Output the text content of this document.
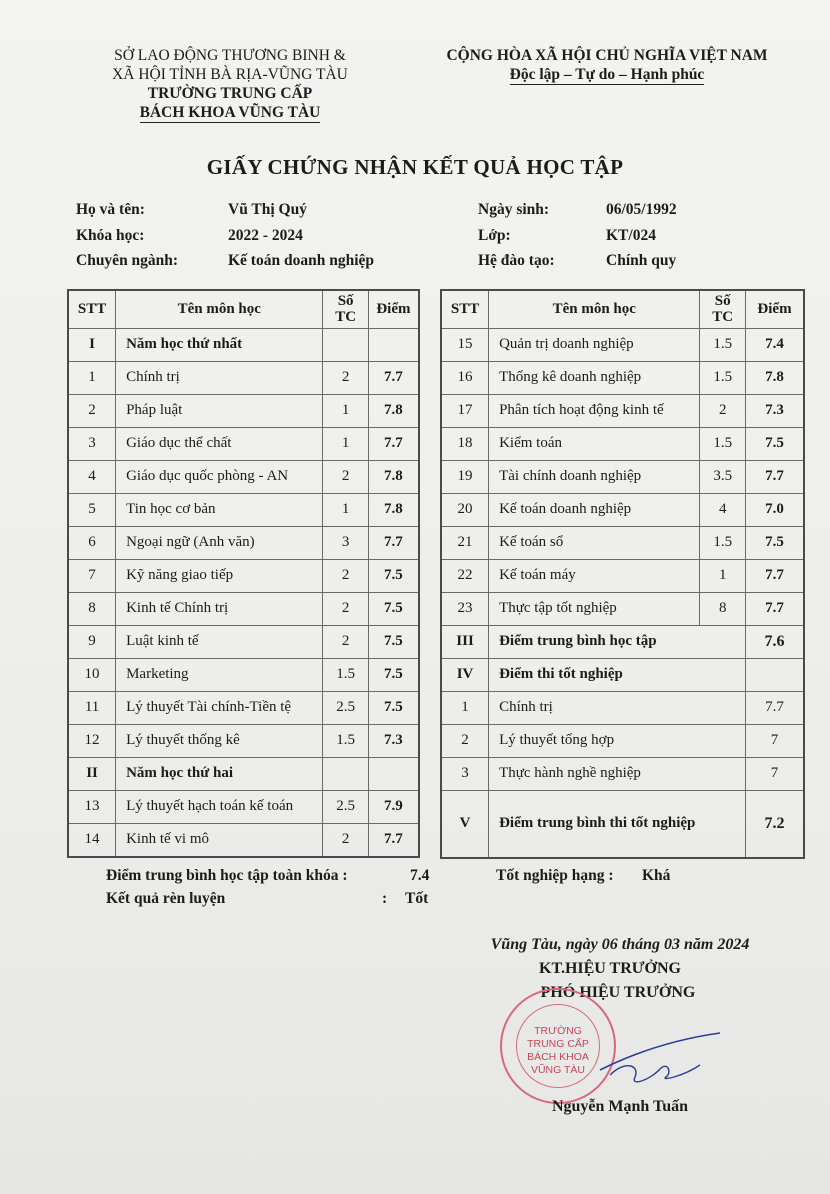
SỞ LAO ĐỘNG THƯƠNG BINH &
XÃ HỘI TỈNH BÀ RỊA-VŨNG TÀU
TRƯỜNG TRUNG CẤP
BÁCH KHOA VŨNG TÀU
CỘNG HÒA XÃ HỘI CHỦ NGHĨA VIỆT NAM
Độc lập – Tự do – Hạnh phúc
GIẤY CHỨNG NHẬN KẾT QUẢ HỌC TẬP
Họ và tên:	Vũ Thị Quý	Ngày sinh:	06/05/1992
Khóa học:	2022 - 2024	Lớp:	KT/024
Chuyên ngành:	Kế toán doanh nghiệp	Hệ đào tạo:	Chính quy
STT	Tên môn học	Số
TC	Điểm
I	Năm học thứ nhất		
1	Chính trị	2	7.7
2	Pháp luật	1	7.8
3	Giáo dục thể chất	1	7.7
4	Giáo dục quốc phòng - AN	2	7.8
5	Tin học cơ bản	1	7.8
6	Ngoại ngữ (Anh văn)	3	7.7
7	Kỹ năng giao tiếp	2	7.5
8	Kinh tế Chính trị	2	7.5
9	Luật kinh tế	2	7.5
10	Marketing	1.5	7.5
11	Lý thuyết Tài chính-Tiền tệ	2.5	7.5
12	Lý thuyết thống kê	1.5	7.3
II	Năm học thứ hai		
13	Lý thuyết hạch toán kế toán	2.5	7.9
14	Kinh tế vi mô	2	7.7
STT	Tên môn học	Số
TC	Điểm
15	Quản trị doanh nghiệp	1.5	7.4
16	Thống kê doanh nghiệp	1.5	7.8
17	Phân tích hoạt động kinh tế	2	7.3
18	Kiểm toán	1.5	7.5
19	Tài chính doanh nghiệp	3.5	7.7
20	Kế toán doanh nghiệp	4	7.0
21	Kế toán sổ	1.5	7.5
22	Kế toán máy	1	7.7
23	Thực tập tốt nghiệp	8	7.7
III	Điểm trung bình học tập		7.6
IV	Điểm thi tốt nghiệp		
1	Chính trị		7.7
2	Lý thuyết tổng hợp		7
3	Thực hành nghề nghiệp		7
V	Điểm trung bình thi tốt nghiệp		7.2
Điểm trung bình học tập toàn khóa :	7.4	Tốt nghiệp hạng : Khá
Kết quả rèn luyện	: Tốt
Vũng Tàu, ngày 06 tháng 03 năm 2024
KT.HIỆU TRƯỞNG
PHÓ HIỆU TRƯỞNG
TRƯỜNG
TRUNG CẤP
BÁCH KHOA
VŨNG TÀU
Nguyễn Mạnh Tuấn
